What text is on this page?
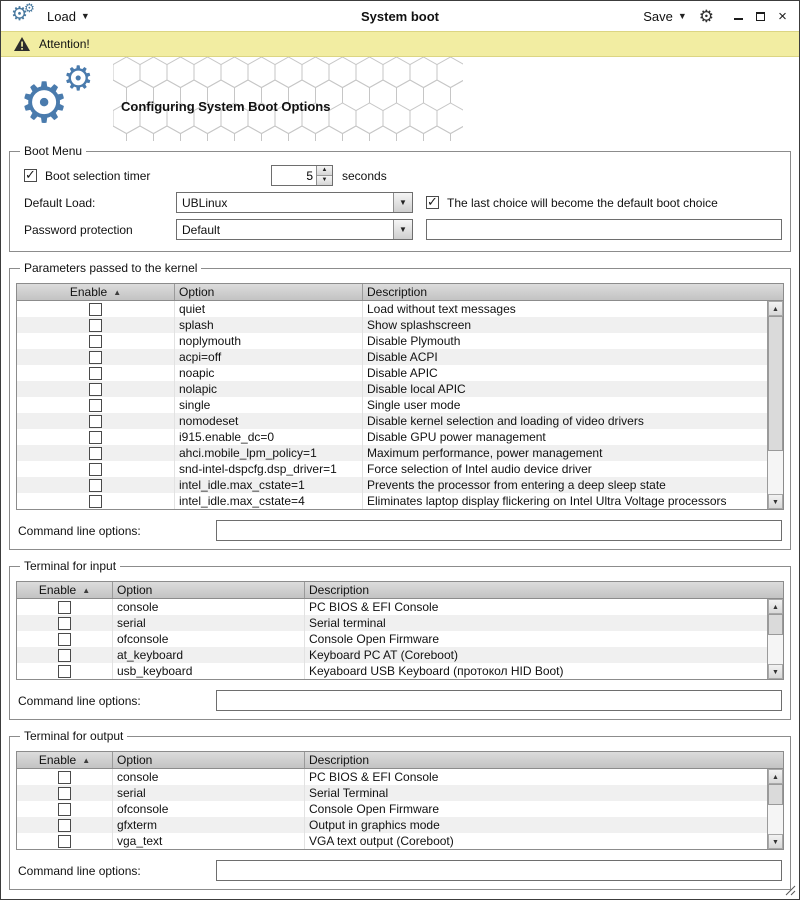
System boot
⚙
⚙
Load ▼	Save ▼ ⚙	×
Attention!
⚙
⚙
Configuring System Boot Options
Boot Menu
✓
Boot selection timer
5	▲
▼	seconds
Default Load:	UBLinux	▼ ✓	The last choice will become the default boot choice
Password protection	Default	▼
Parameters passed to the kernel
Enable ▲	Option	Description
quiet	Load without text messages
splash	Show splashscreen
noplymouth	Disable Plymouth
acpi=off	Disable ACPI
noapic	Disable APIC
nolapic	Disable local APIC
single	Single user mode
nomodeset	Disable kernel selection and loading of video drivers
i915.enable_dc=0	Disable GPU power management
ahci.mobile_lpm_policy=1	Maximum performance, power management
snd-intel-dspcfg.dsp_driver=1	Force selection of Intel audio device driver
intel_idle.max_cstate=1	Prevents the processor from entering a deep sleep state
intel_idle.max_cstate=4	Eliminates laptop display flickering on Intel Ultra Voltage processors
▲
▼
Command line options:
Terminal for input
Enable ▲	Option	Description
console	PC BIOS & EFI Console
serial	Serial terminal
ofconsole	Console Open Firmware
at_keyboard	Keyboard PC AT (Coreboot)
usb_keyboard	Keyaboard USB Keyboard (протокол HID Boot)
▲
▼
Command line options:
Terminal for output
Enable ▲	Option	Description
console	PC BIOS & EFI Console
serial	Serial Terminal
ofconsole	Console Open Firmware
gfxterm	Output in graphics mode
vga_text	VGA text output (Coreboot)
▲
▼
Command line options:
